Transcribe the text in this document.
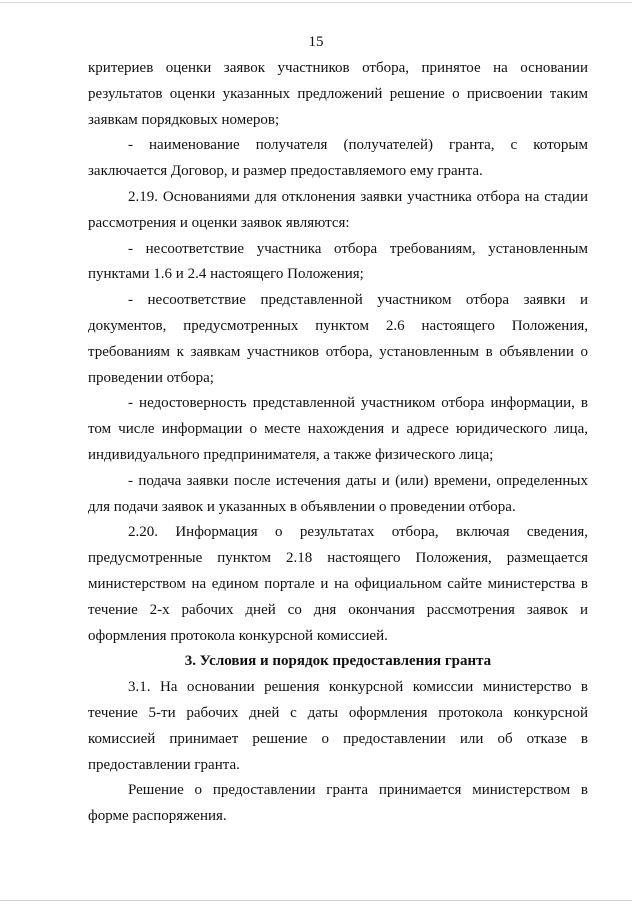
15

критериев оценки заявок участников отбора, принятое на основании результатов оценки указанных предложений решение о присвоении таким заявкам порядковых номеров;

- наименование получателя (получателей) гранта, с которым заключается Договор, и размер предоставляемого ему гранта.

2.19. Основаниями для отклонения заявки участника отбора на стадии рассмотрения и оценки заявок являются:

- несоответствие участника отбора требованиям, установленным пунктами 1.6 и 2.4 настоящего Положения;

- несоответствие представленной участником отбора заявки и документов, предусмотренных пунктом 2.6 настоящего Положения, требованиям к заявкам участников отбора, установленным в объявлении о проведении отбора;

- недостоверность представленной участником отбора информации, в том числе информации о месте нахождения и адресе юридического лица, индивидуального предпринимателя, а также физического лица;

- подача заявки после истечения даты и (или) времени, определенных для подачи заявок и указанных в объявлении о проведении отбора.

2.20. Информация о результатах отбора, включая сведения, предусмотренные пунктом 2.18 настоящего Положения, размещается министерством на едином портале и на официальном сайте министерства в течение 2-х рабочих дней со дня окончания рассмотрения заявок и оформления протокола конкурсной комиссией.

3. Условия и порядок предоставления гранта

3.1. На основании решения конкурсной комиссии министерство в течение 5-ти рабочих дней с даты оформления протокола конкурсной комиссией принимает решение о предоставлении или об отказе в предоставлении гранта.

Решение о предоставлении гранта принимается министерством в форме распоряжения.
